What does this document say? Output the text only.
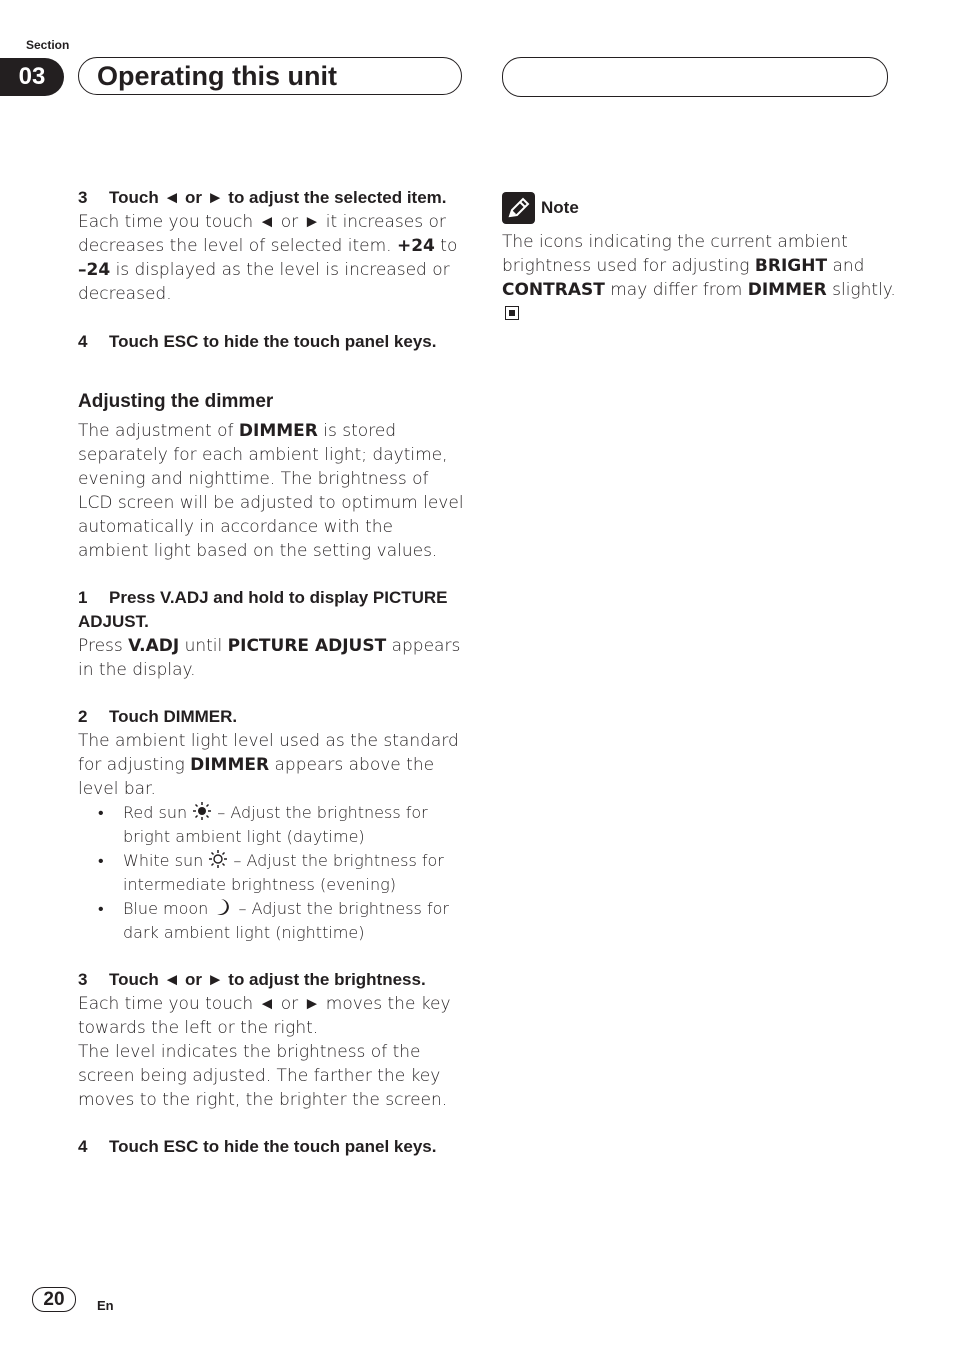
Section
03	Operating this unit
3 Touch ◄ or ► to adjust the selected item.

Each time you touch ◄ or ► it increases or decreases the level of selected item. +24 to –24 is displayed as the level is increased or decreased.

4 Touch ESC to hide the touch panel keys.
Adjusting the dimmer

The adjustment of DIMMER is stored separately for each ambient light; daytime, evening and nighttime. The brightness of LCD screen will be adjusted to optimum level automatically in accordance with the ambient light based on the setting values.

1 Press V.ADJ and hold to display PICTURE ADJUST.

Press V.ADJ until PICTURE ADJUST appears in the display.

2 Touch DIMMER.

The ambient light level used as the standard for adjusting DIMMER appears above the level bar.

• Red sun  – Adjust the brightness for bright ambient light (daytime)
• White sun  – Adjust the brightness for intermediate brightness (evening)
• Blue moon  – Adjust the brightness for dark ambient light (nighttime)
3 Touch ◄ or ► to adjust the brightness.

Each time you touch ◄ or ► moves the key towards the left or the right.

The level indicates the brightness of the screen being adjusted. The farther the key moves to the right, the brighter the screen.

4 Touch ESC to hide the touch panel keys.
Note

The icons indicating the current ambient brightness used for adjusting BRIGHT and CONTRAST may differ from DIMMER slightly.

20	En
